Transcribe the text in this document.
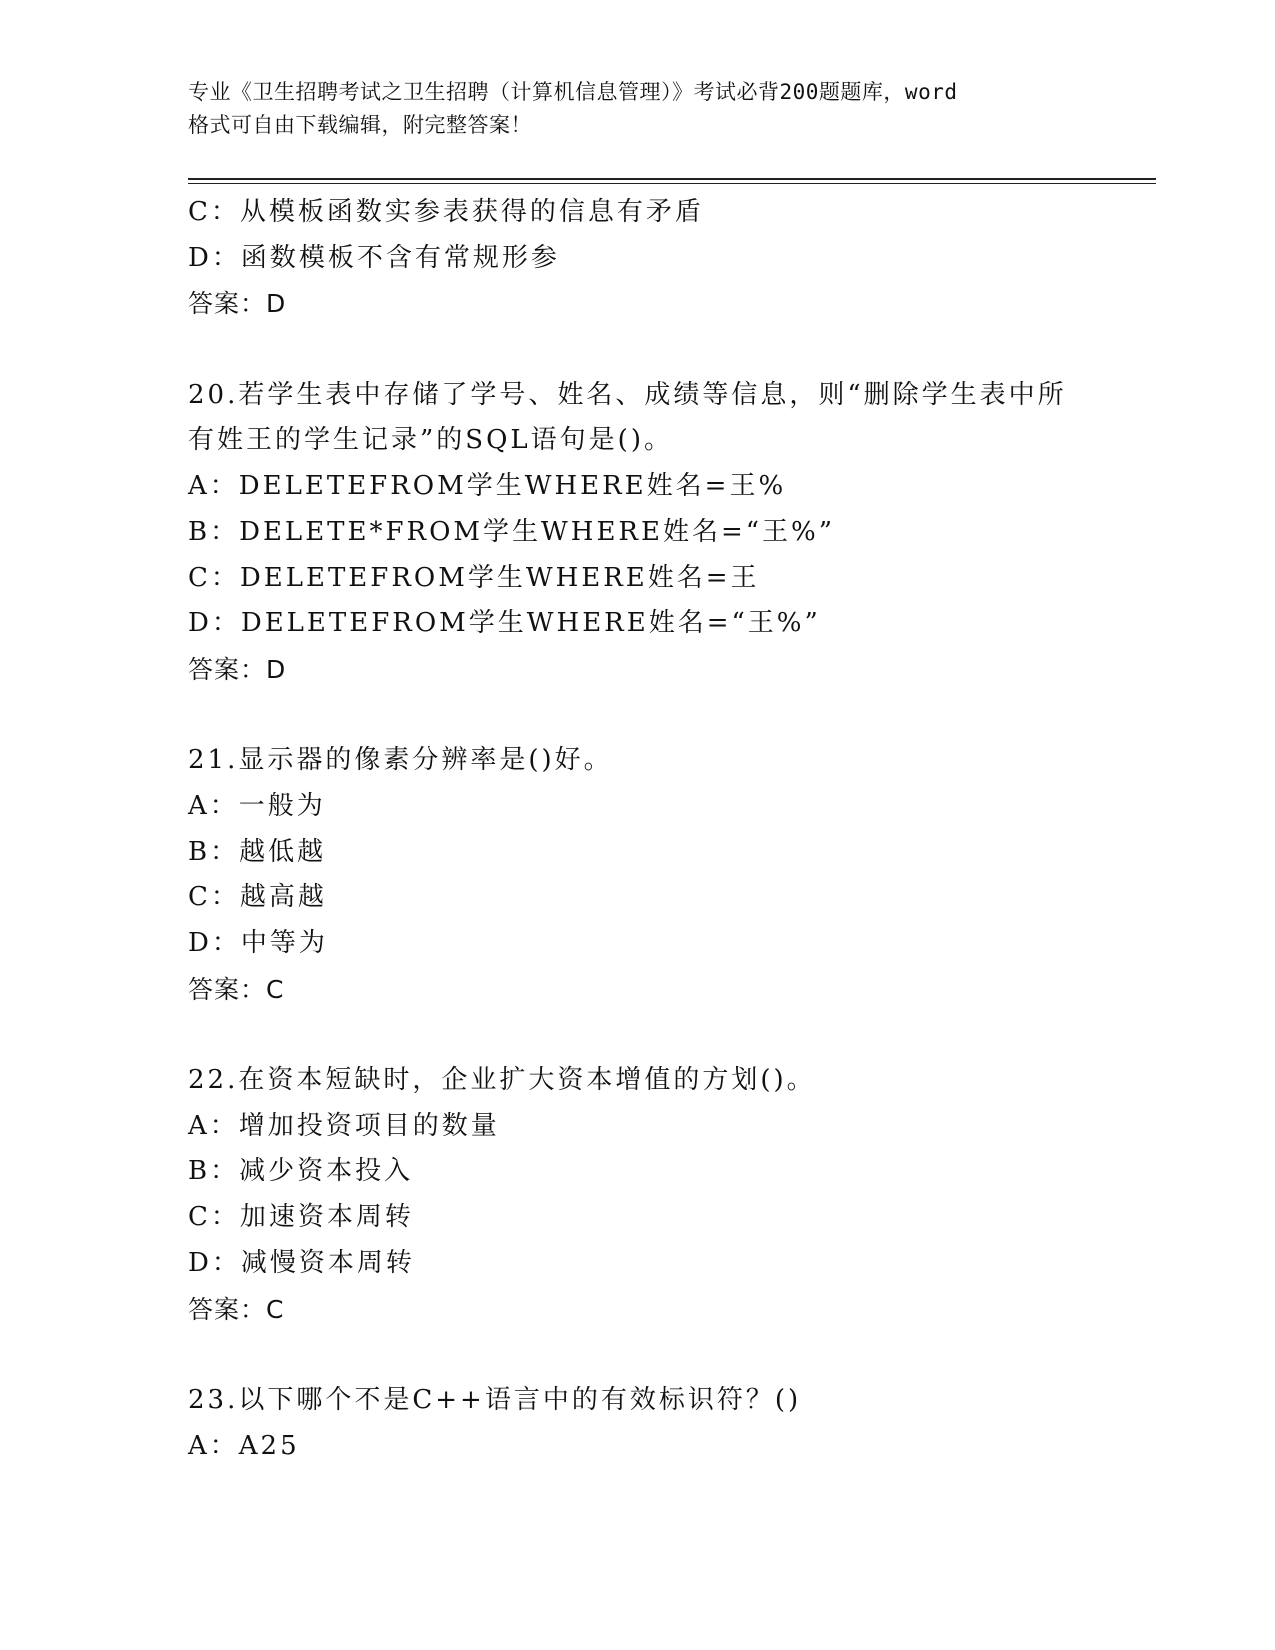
专业《卫生招聘考试之卫生招聘（计算机信息管理）》考试必背200题题库，word
格式可自由下载编辑，附完整答案！
C：从模板函数实参表获得的信息有矛盾
D：函数模板不含有常规形参
答案：D
20.若学生表中存储了学号、姓名、成绩等信息，则“删除学生表中所
有姓王的学生记录”的SQL语句是()。
A：DELETEFROM学生WHERE姓名=王%
B：DELETE*FROM学生WHERE姓名=“王%”
C：DELETEFROM学生WHERE姓名=王
D：DELETEFROM学生WHERE姓名=“王%”
答案：D
21.显示器的像素分辨率是()好。
A：一般为
B：越低越
C：越高越
D：中等为
答案：C
22.在资本短缺时，企业扩大资本增值的方划()。
A：增加投资项目的数量
B：减少资本投入
C：加速资本周转
D：减慢资本周转
答案：C
23.以下哪个不是C++语言中的有效标识符？()
A：A25
